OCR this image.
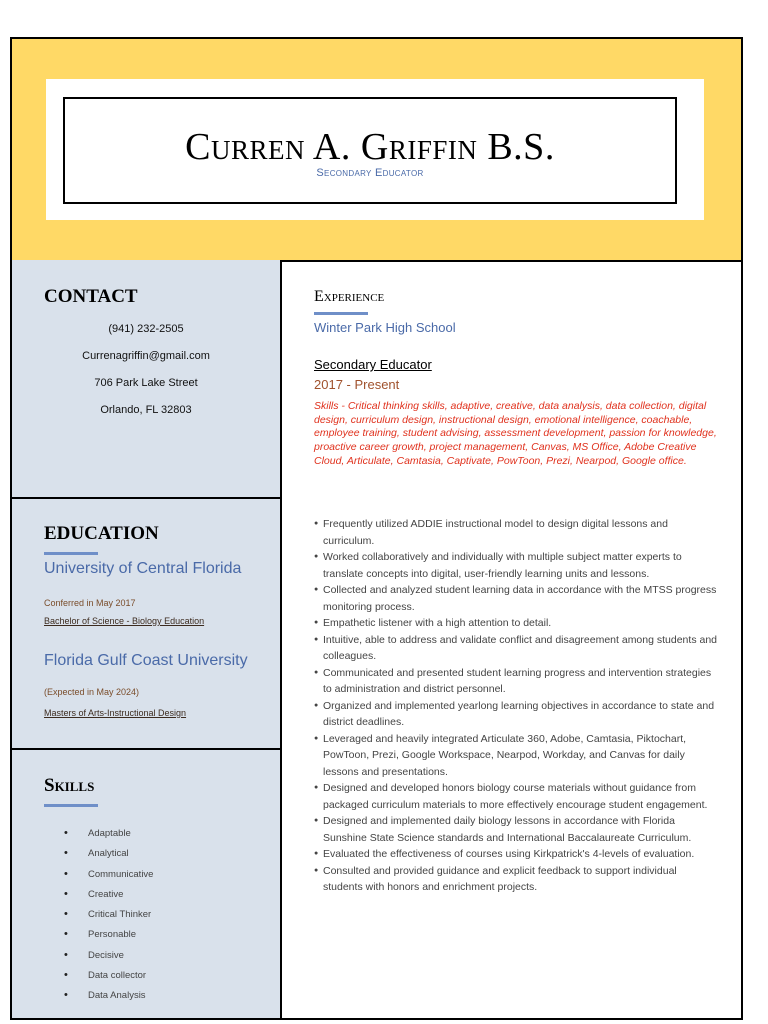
Curren A. Griffin B.S.
Secondary Educator
CONTACT
(941) 232-2505
Currenagriffin@gmail.com
706 Park Lake Street
Orlando, FL 32803
EDUCATION
University of Central Florida
Conferred in May 2017
Bachelor of Science - Biology Education
Florida Gulf Coast University
(Expected in May 2024)
Masters of Arts-Instructional Design
Skills
• Adaptable
• Analytical
• Communicative
• Creative
• Critical Thinker
• Personable
• Decisive
• Data collector
• Data Analysis
Experience
Winter Park High School
Secondary Educator
2017 - Present
Skills - Critical thinking skills, adaptive, creative, data analysis, data collection, digital design, curriculum design, instructional design, emotional intelligence, coachable, employee training, student advising, assessment development, passion for knowledge, proactive career growth, project management, Canvas, MS Office, Adobe Creative Cloud, Articulate, Camtasia, Captivate, PowToon, Prezi, Nearpod, Google office.
● Frequently utilized ADDIE instructional model to design digital lessons and curriculum.
● Worked collaboratively and individually with multiple subject matter experts to translate concepts into digital, user-friendly learning units and lessons.
● Collected and analyzed student learning data in accordance with the MTSS progress monitoring process.
● Empathetic listener with a high attention to detail.
● Intuitive, able to address and validate conflict and disagreement among students and colleagues.
● Communicated and presented student learning progress and intervention strategies to administration and district personnel.
● Organized and implemented yearlong learning objectives in accordance to state and district deadlines.
● Leveraged and heavily integrated Articulate 360, Adobe, Camtasia, Piktochart, PowToon, Prezi, Google Workspace, Nearpod, Workday, and Canvas for daily lessons and presentations.
● Designed and developed honors biology course materials without guidance from packaged curriculum materials to more effectively encourage student engagement.
● Designed and implemented daily biology lessons in accordance with Florida Sunshine State Science standards and International Baccalaureate Curriculum.
● Evaluated the effectiveness of courses using Kirkpatrick's 4-levels of evaluation.
● Consulted and provided guidance and explicit feedback to support individual students with honors and enrichment projects.
